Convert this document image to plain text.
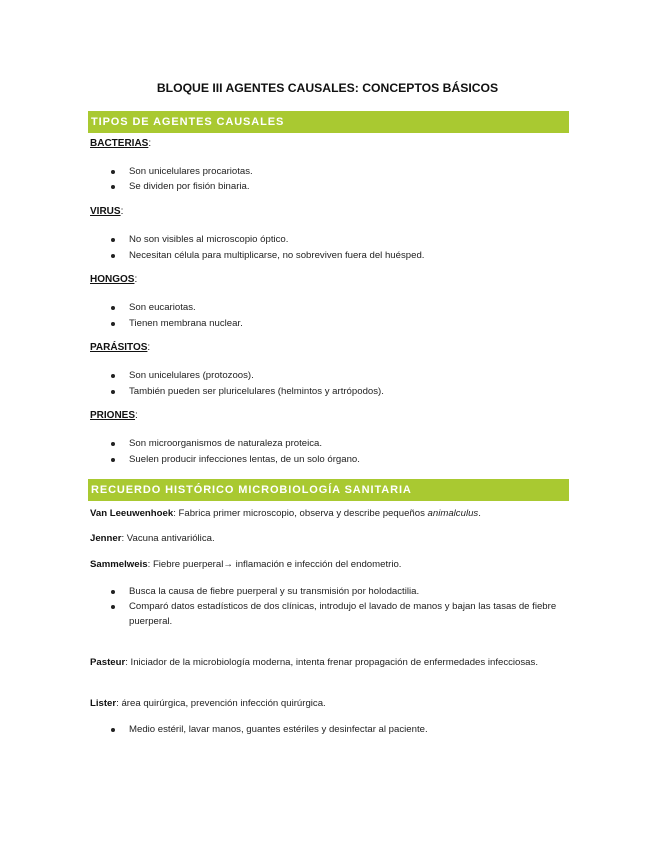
BLOQUE III AGENTES CAUSALES: CONCEPTOS BÁSICOS
TIPOS DE AGENTES CAUSALES
BACTERIAS:
Son unicelulares procariotas.
Se dividen por fisión binaria.
VIRUS:
No son visibles al microscopio óptico.
Necesitan célula para multiplicarse, no sobreviven fuera del huésped.
HONGOS:
Son eucariotas.
Tienen membrana nuclear.
PARÁSITOS:
Son unicelulares (protozoos).
También pueden ser pluricelulares (helmintos y artrópodos).
PRIONES:
Son microorganismos de naturaleza proteica.
Suelen producir infecciones lentas, de un solo órgano.
RECUERDO HISTÓRICO MICROBIOLOGÍA SANITARIA
Van Leeuwenhoek: Fabrica primer microscopio, observa y describe pequeños animalculus.
Jenner: Vacuna antivariólica.
Sammelweis: Fiebre puerperal→ inflamación e infección del endometrio.
Busca la causa de fiebre puerperal y su transmisión por holodactilia.
Comparó datos estadísticos de dos clínicas, introdujo el lavado de manos y bajan las tasas de fiebre puerperal.
Pasteur: Iniciador de la microbiología moderna, intenta frenar propagación de enfermedades infecciosas.
Lister: área quirúrgica, prevención infección quirúrgica.
Medio estéril, lavar manos, guantes estériles y desinfectar al paciente.
